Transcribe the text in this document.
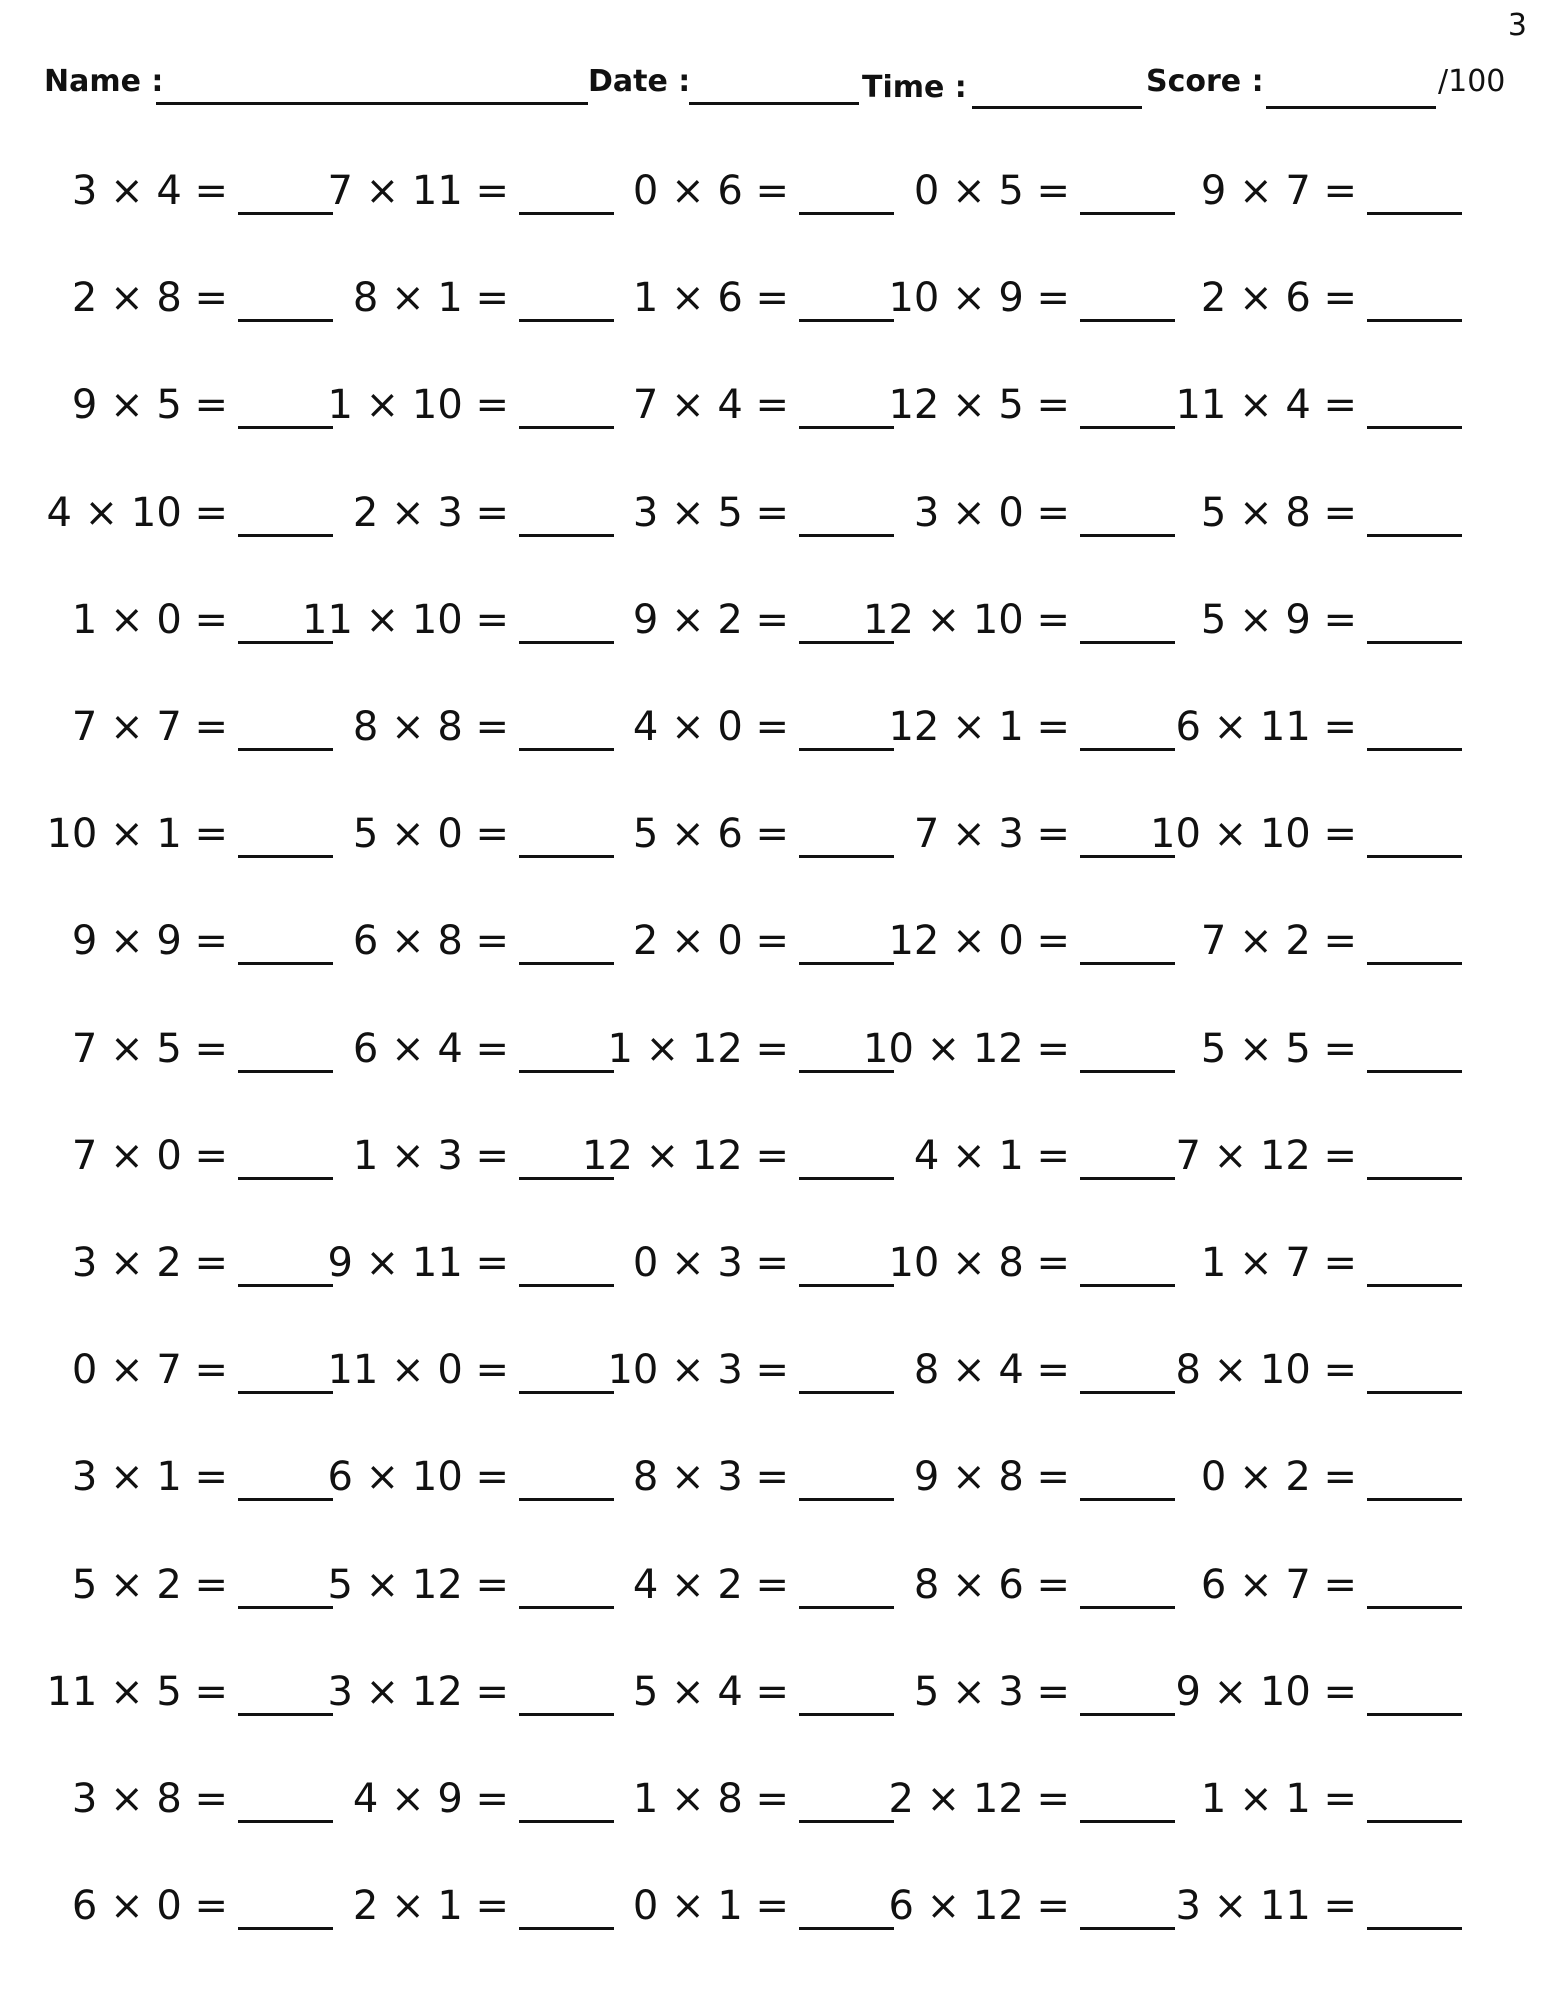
3
Name :	Date :	Time :	Score :	/100
3 × 4 = 7 × 11 =	0 × 6 =	0 × 5 =	9 × 7 =
2 × 8 =	8 × 1 =	1 × 6 = 10 × 9 =	2 × 6 =
9 × 5 = 1 × 10 =	7 × 4 = 12 × 5 =	11 × 4 =
4 × 10 =	2 × 3 =	3 × 5 =	3 × 0 =	5 × 8 =
1 × 0 = 11 × 10 =	9 × 2 = 12 × 10 =	5 × 9 =
7 × 7 =	8 × 8 =	4 × 0 = 12 × 1 =	6 × 11 =
10 × 1 =	5 × 0 =	5 × 6 =	7 × 3 = 10 × 10 =
9 × 9 =	6 × 8 =	2 × 0 = 12 × 0 =	7 × 2 =
7 × 5 =	6 × 4 = 1 × 12 = 10 × 12 =	5 × 5 =
7 × 0 =	1 × 3 = 12 × 12 =	4 × 1 =	7 × 12 =
3 × 2 = 9 × 11 =	0 × 3 = 10 × 8 =	1 × 7 =
0 × 7 = 11 × 0 = 10 × 3 =	8 × 4 =	8 × 10 =
3 × 1 = 6 × 10 =	8 × 3 =	9 × 8 =	0 × 2 =
5 × 2 = 5 × 12 =	4 × 2 =	8 × 6 =	6 × 7 =
11 × 5 = 3 × 12 =	5 × 4 =	5 × 3 =	9 × 10 =
3 × 8 =	4 × 9 =	1 × 8 = 2 × 12 =	1 × 1 =
6 × 0 =	2 × 1 =	0 × 1 = 6 × 12 =	3 × 11 =
